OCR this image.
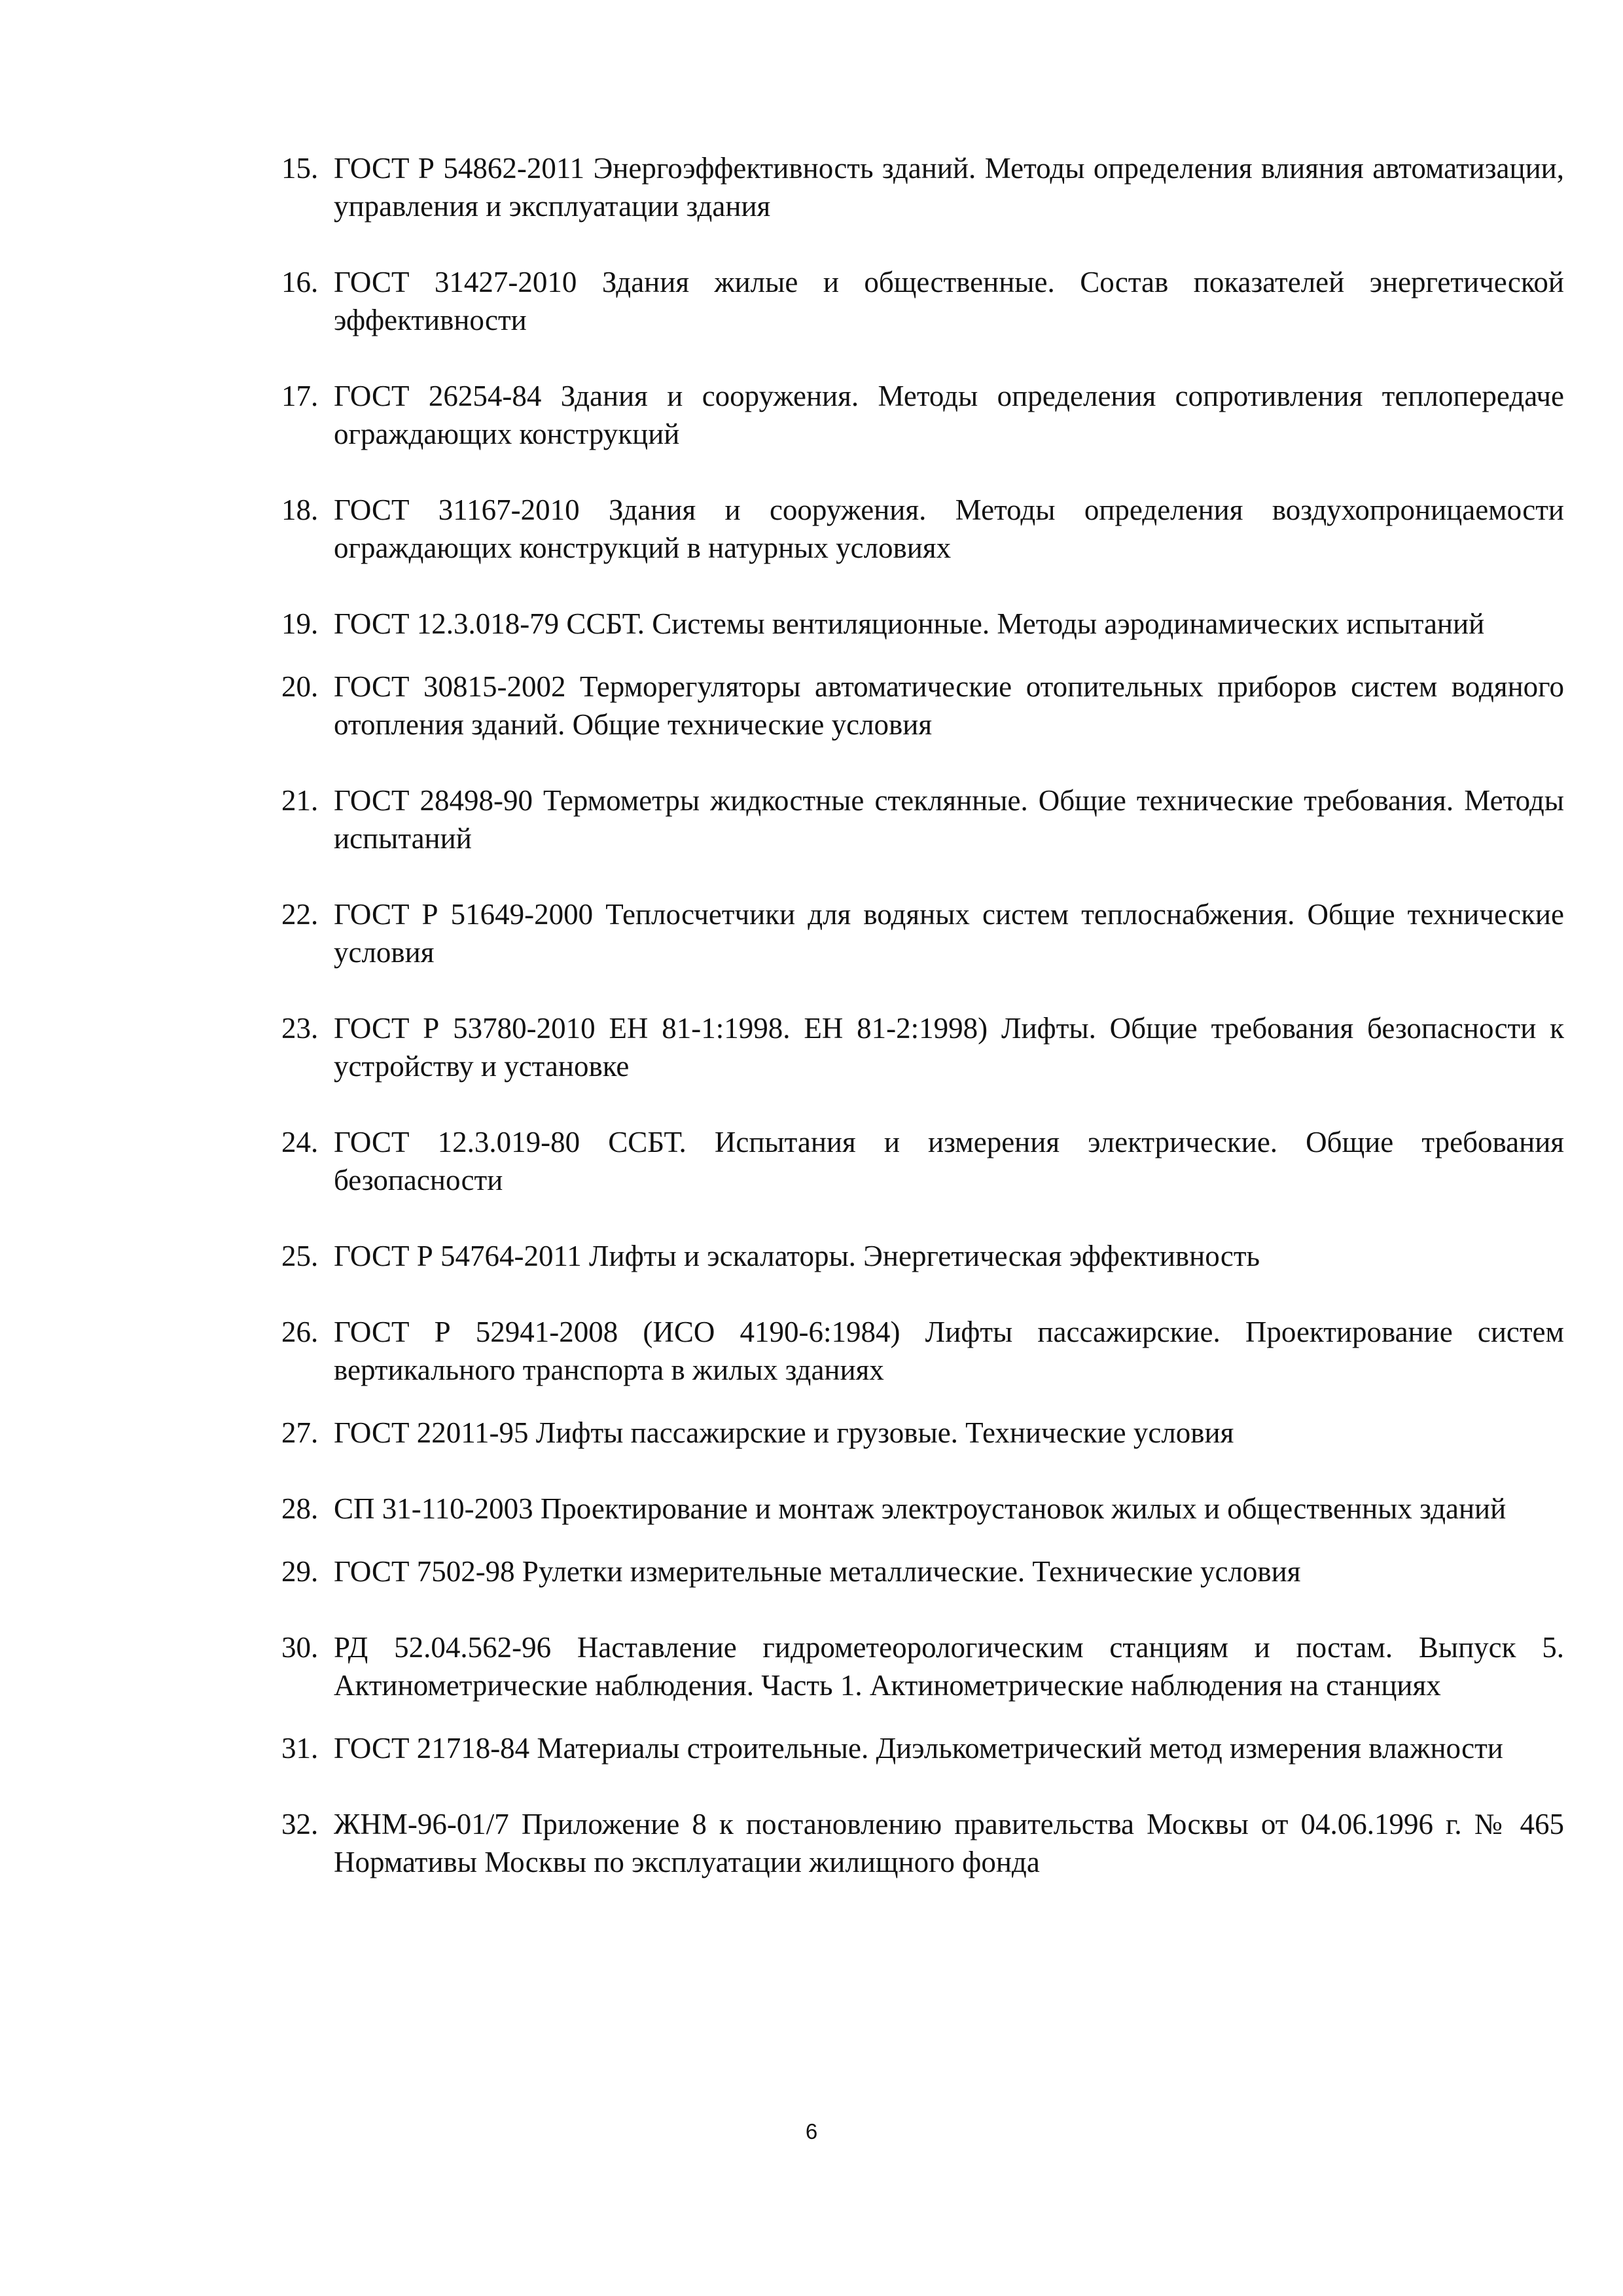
15. ГОСТ Р 54862-2011 Энергоэффективность зданий. Методы определения влияния автоматизации, управления и эксплуатации здания
16. ГОСТ 31427-2010 Здания жилые и общественные. Состав показателей энергетической эффективности
17. ГОСТ 26254-84 Здания и сооружения. Методы определения сопротивления теплопередаче ограждающих конструкций
18. ГОСТ 31167-2010 Здания и сооружения. Методы определения воздухопроницаемости ограждающих конструкций в натурных условиях
19. ГОСТ 12.3.018-79 ССБТ. Системы вентиляционные. Методы аэродинамических испытаний
20. ГОСТ 30815-2002 Терморегуляторы автоматические отопительных приборов систем водяного отопления зданий. Общие технические условия
21. ГОСТ 28498-90 Термометры жидкостные стеклянные. Общие технические требования. Методы испытаний
22. ГОСТ Р 51649-2000 Теплосчетчики для водяных систем теплоснабжения. Общие технические условия
23. ГОСТ Р 53780-2010 ЕН 81-1:1998. ЕН 81-2:1998) Лифты. Общие требования безопасности к устройству и установке
24. ГОСТ 12.3.019-80 ССБТ. Испытания и измерения электрические. Общие требования безопасности
25. ГОСТ Р 54764-2011 Лифты и эскалаторы. Энергетическая эффективность
26. ГОСТ Р 52941-2008 (ИСО 4190-6:1984) Лифты пассажирские. Проектирование систем вертикального транспорта в жилых зданиях
27. ГОСТ 22011-95 Лифты пассажирские и грузовые. Технические условия
28. СП 31-110-2003 Проектирование и монтаж электроустановок жилых и общественных зданий
29. ГОСТ 7502-98 Рулетки измерительные металлические. Технические условия
30. РД 52.04.562-96 Наставление гидрометеорологическим станциям и постам. Выпуск 5. Актинометрические наблюдения. Часть 1. Актинометрические наблюдения на станциях
31. ГОСТ 21718-84 Материалы строительные. Диэлькометрический метод измерения влажности
32. ЖНМ-96-01/7 Приложение 8 к постановлению правительства Москвы от 04.06.1996 г. № 465 Нормативы Москвы по эксплуатации жилищного фонда
6
